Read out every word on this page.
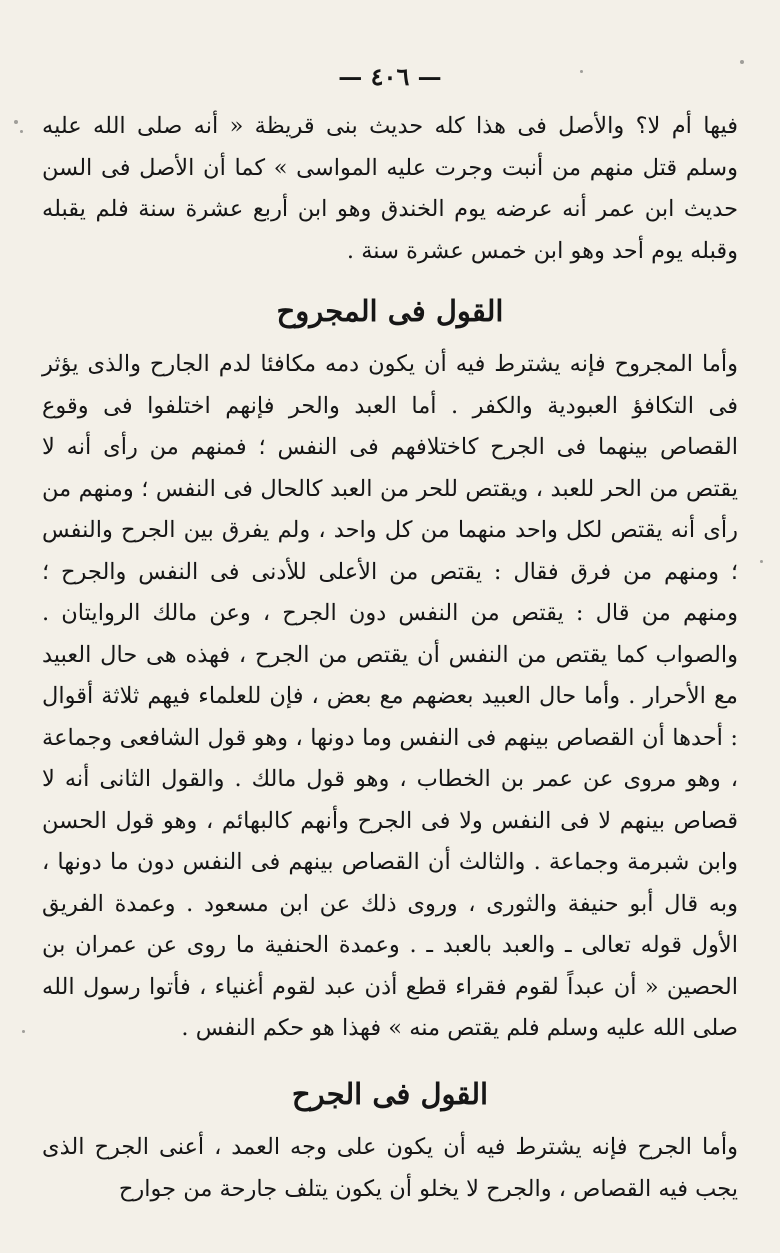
— ٤٠٦ —

فيها أم لا؟ والأصل فى هذا كله حديث بنى قريظة « أنه صلى الله عليه وسلم قتل منهم من أنبت وجرت عليه المواسى » كما أن الأصل فى السن حديث ابن عمر أنه عرضه يوم الخندق وهو ابن أربع عشرة سنة فلم يقبله وقبله يوم أحد وهو ابن خمس عشرة سنة .

القول فى المجروح

وأما المجروح فإنه يشترط فيه أن يكون دمه مكافئا لدم الجارح والذى يؤثر فى التكافؤ العبودية والكفر . أما العبد والحر فإنهم اختلفوا فى وقوع القصاص بينهما فى الجرح كاختلافهم فى النفس ؛ فمنهم من رأى أنه لا يقتص من الحر للعبد ، ويقتص للحر من العبد كالحال فى النفس ؛ ومنهم من رأى أنه يقتص لكل واحد منهما من كل واحد ، ولم يفرق بين الجرح والنفس ؛ ومنهم من فرق فقال : يقتص من الأعلى للأدنى فى النفس والجرح ؛ ومنهم من قال : يقتص من النفس دون الجرح ، وعن مالك الروايتان . والصواب كما يقتص من النفس أن يقتص من الجرح ، فهذه هى حال العبيد مع الأحرار . وأما حال العبيد بعضهم مع بعض ، فإن للعلماء فيهم ثلاثة أقوال : أحدها أن القصاص بينهم فى النفس وما دونها ، وهو قول الشافعى وجماعة ، وهو مروى عن عمر بن الخطاب ، وهو قول مالك . والقول الثانى أنه لا قصاص بينهم لا فى النفس ولا فى الجرح وأنهم كالبهائم ، وهو قول الحسن وابن شبرمة وجماعة . والثالث أن القصاص بينهم فى النفس دون ما دونها ، وبه قال أبو حنيفة والثورى ، وروى ذلك عن ابن مسعود . وعمدة الفريق الأول قوله تعالى ـ والعبد بالعبد ـ . وعمدة الحنفية ما روى عن عمران بن الحصين « أن عبداً لقوم فقراء قطع أذن عبد لقوم أغنياء ، فأتوا رسول الله صلى الله عليه وسلم فلم يقتص منه » فهذا هو حكم النفس .

القول فى الجرح

وأما الجرح فإنه يشترط فيه أن يكون على وجه العمد ، أعنى الجرح الذى يجب فيه القصاص ، والجرح لا يخلو أن يكون يتلف جارحة من جوارح
